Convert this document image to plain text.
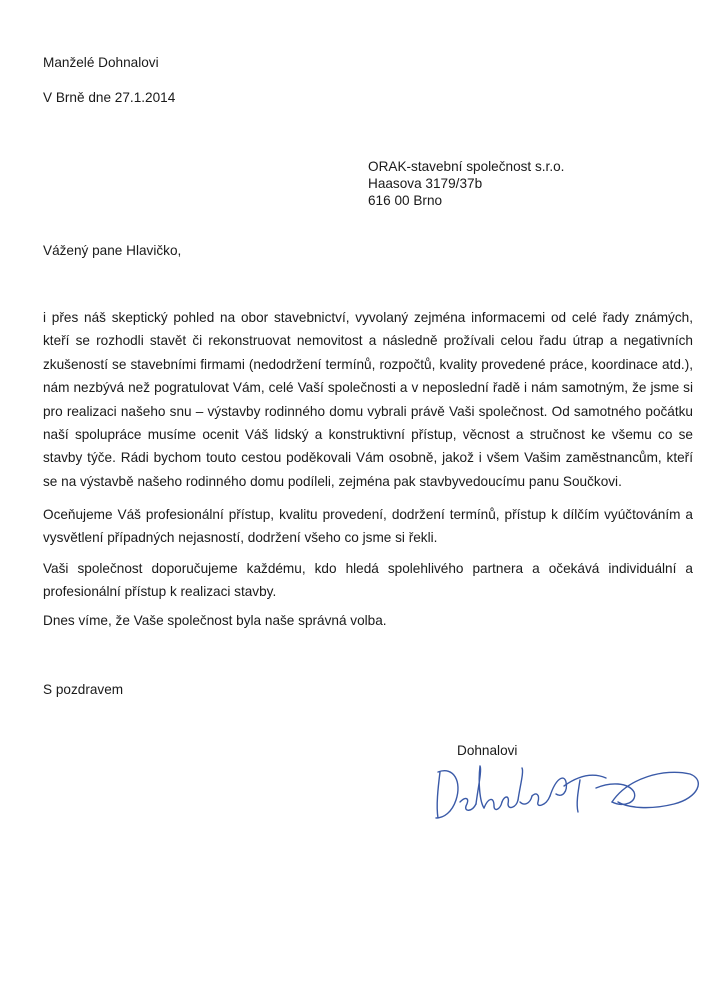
Manželé Dohnalovi
V Brně dne 27.1.2014
ORAK-stavební společnost s.r.o.
Haasova 3179/37b
616 00 Brno
Vážený pane Hlavičko,
i přes náš skeptický pohled na obor stavebnictví, vyvolaný zejména informacemi od celé řady známých, kteří se rozhodli stavět či rekonstruovat nemovitost a následně prožívali celou řadu útrap a negativních zkušeností se stavebními firmami (nedodržení termínů, rozpočtů, kvality provedené práce, koordinace atd.), nám nezbývá než pogratulovat Vám, celé Vaší společnosti a v neposlední řadě i nám samotným, že jsme si pro realizaci našeho snu – výstavby rodinného domu vybrali právě Vaši společnost. Od samotného počátku naší spolupráce musíme ocenit Váš lidský a konstruktivní přístup, věcnost a stručnost ke všemu co se stavby týče. Rádi bychom touto cestou poděkovali Vám osobně, jakož i všem Vašim zaměstnancům, kteří se na výstavbě našeho rodinného domu podíleli, zejména pak stavbyvedoucímu panu Součkovi.
Oceňujeme Váš profesionální přístup, kvalitu provedení, dodržení termínů, přístup k dílčím vyúčtováním a vysvětlení případných nejasností, dodržení všeho co jsme si řekli.
Vaši společnost doporučujeme každému, kdo hledá spolehlivého partnera a očekává individuální a profesionální přístup k realizaci stavby.
Dnes víme, že Vaše společnost byla naše správná volba.
S pozdravem
Dohnalovi
